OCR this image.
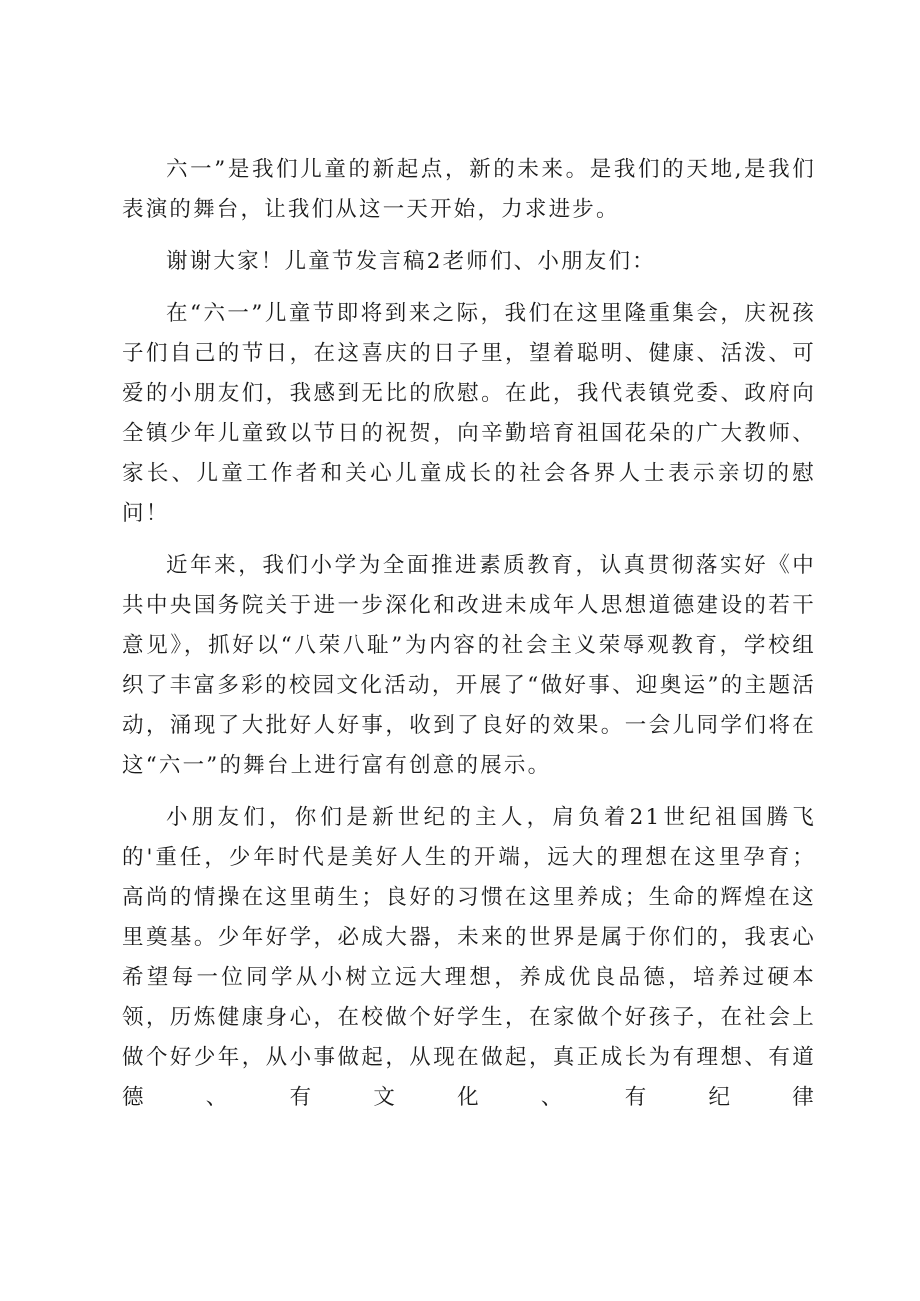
六一”是我们儿童的新起点，新的未来。是我们的天地,是我们表演的舞台，让我们从这一天开始，力求进步。

谢谢大家！儿童节发言稿2老师们、小朋友们：

在“六一”儿童节即将到来之际，我们在这里隆重集会，庆祝孩子们自己的节日，在这喜庆的日子里，望着聪明、健康、活泼、可爱的小朋友们，我感到无比的欣慰。在此，我代表镇党委、政府向全镇少年儿童致以节日的祝贺，向辛勤培育祖国花朵的广大教师、家长、儿童工作者和关心儿童成长的社会各界人士表示亲切的慰问！

近年来，我们小学为全面推进素质教育，认真贯彻落实好《中共中央国务院关于进一步深化和改进未成年人思想道德建设的若干意见》，抓好以“八荣八耻”为内容的社会主义荣辱观教育，学校组织了丰富多彩的校园文化活动，开展了“做好事、迎奥运”的主题活动，涌现了大批好人好事，收到了良好的效果。一会儿同学们将在这“六一”的舞台上进行富有创意的展示。

小朋友们，你们是新世纪的主人，肩负着21世纪祖国腾飞的'重任，少年时代是美好人生的开端，远大的理想在这里孕育；高尚的情操在这里萌生；良好的习惯在这里养成；生命的辉煌在这里奠基。少年好学，必成大器，未来的世界是属于你们的，我衷心希望每一位同学从小树立远大理想，养成优良品德，培养过硬本领，历炼健康身心，在校做个好学生，在家做个好孩子，在社会上做个好少年，从小事做起，从现在做起，真正成长为有理想、有道德、有文化、有纪律
